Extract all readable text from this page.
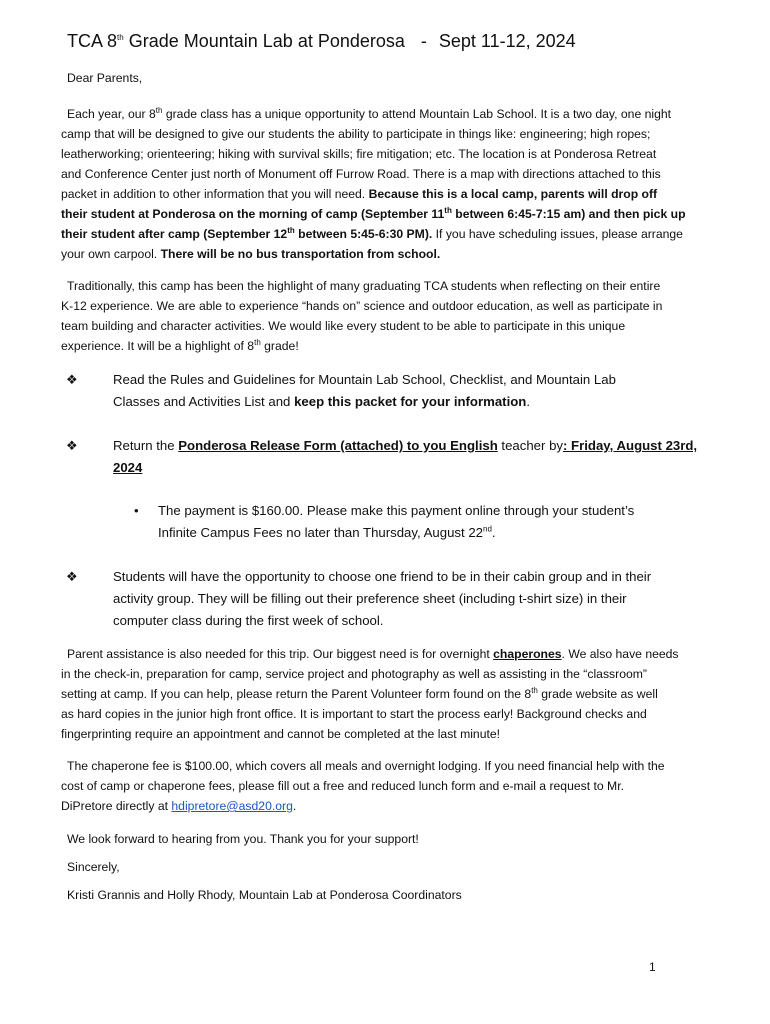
TCA 8th Grade Mountain Lab at Ponderosa - Sept 11-12, 2024
Dear Parents,
Each year, our 8th grade class has a unique opportunity to attend Mountain Lab School. It is a two day, one night
camp that will be designed to give our students the ability to participate in things like: engineering; high ropes;
leatherworking; orienteering; hiking with survival skills; fire mitigation; etc. The location is at Ponderosa Retreat
and Conference Center just north of Monument off Furrow Road. There is a map with directions attached to this
packet in addition to other information that you will need. Because this is a local camp, parents will drop off
their student at Ponderosa on the morning of camp (September 11th between 6:45-7:15 am) and then pick up
their student after camp (September 12th between 5:45-6:30 PM). If you have scheduling issues, please arrange
your own carpool. There will be no bus transportation from school.
Traditionally, this camp has been the highlight of many graduating TCA students when reflecting on their entire
K-12 experience. We are able to experience “hands on” science and outdoor education, as well as participate in
team building and character activities. We would like every student to be able to participate in this unique
experience. It will be a highlight of 8th grade!
❖	Read the Rules and Guidelines for Mountain Lab School, Checklist, and Mountain Lab
Classes and Activities List and keep this packet for your information.
❖	Return the Ponderosa Release Form (attached) to you English teacher by: Friday, August 23rd,
2024
• The payment is $160.00. Please make this payment online through your student’s
Infinite Campus Fees no later than Thursday, August 22nd.
❖	Students will have the opportunity to choose one friend to be in their cabin group and in their
activity group. They will be filling out their preference sheet (including t-shirt size) in their
computer class during the first week of school.
Parent assistance is also needed for this trip. Our biggest need is for overnight chaperones. We also have needs
in the check-in, preparation for camp, service project and photography as well as assisting in the “classroom”
setting at camp. If you can help, please return the Parent Volunteer form found on the 8th grade website as well
as hard copies in the junior high front office. It is important to start the process early! Background checks and
fingerprinting require an appointment and cannot be completed at the last minute!
The chaperone fee is $100.00, which covers all meals and overnight lodging. If you need financial help with the
cost of camp or chaperone fees, please fill out a free and reduced lunch form and e-mail a request to Mr.
DiPretore directly at hdipretore@asd20.org.
We look forward to hearing from you. Thank you for your support!
Sincerely,
Kristi Grannis and Holly Rhody, Mountain Lab at Ponderosa Coordinators
1
